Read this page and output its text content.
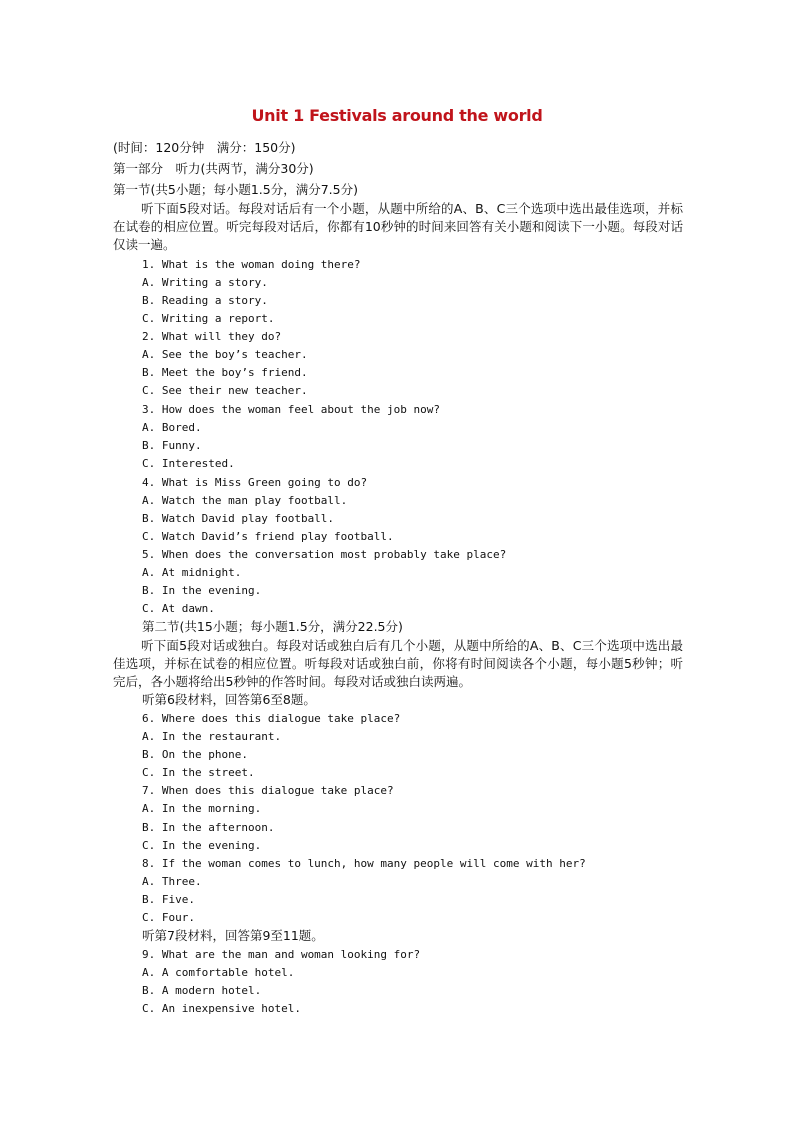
Unit 1 Festivals around the world
(时间：120分钟　满分：150分)
第一部分　听力(共两节，满分30分)
第一节(共5小题；每小题1.5分，满分7.5分)
听下面5段对话。每段对话后有一个小题，从题中所给的A、B、C三个选项中选出最佳选项，并标在试卷的相应位置。听完每段对话后，你都有10秒钟的时间来回答有关小题和阅读下一小题。每段对话仅读一遍。
1. What is the woman doing there?
A. Writing a story.
B. Reading a story.
C. Writing a report.
2. What will they do?
A. See the boy’s teacher.
B. Meet the boy’s friend.
C. See their new teacher.
3. How does the woman feel about the job now?
A. Bored.
B. Funny.
C. Interested.
4. What is Miss Green going to do?
A. Watch the man play football.
B. Watch David play football.
C. Watch David’s friend play football.
5. When does the conversation most probably take place?
A. At midnight.
B. In the evening.
C. At dawn.
第二节(共15小题；每小题1.5分，满分22.5分)
听下面5段对话或独白。每段对话或独白后有几个小题，从题中所给的A、B、C三个选项中选出最佳选项，并标在试卷的相应位置。听每段对话或独白前，你将有时间阅读各个小题，每小题5秒钟；听完后，各小题将给出5秒钟的作答时间。每段对话或独白读两遍。
听第6段材料，回答第6至8题。
6. Where does this dialogue take place?
A. In the restaurant.
B. On the phone.
C. In the street.
7. When does this dialogue take place?
A. In the morning.
B. In the afternoon.
C. In the evening.
8. If the woman comes to lunch, how many people will come with her?
A. Three.
B. Five.
C. Four.
听第7段材料，回答第9至11题。
9. What are the man and woman looking for?
A. A comfortable hotel.
B. A modern hotel.
C. An inexpensive hotel.
